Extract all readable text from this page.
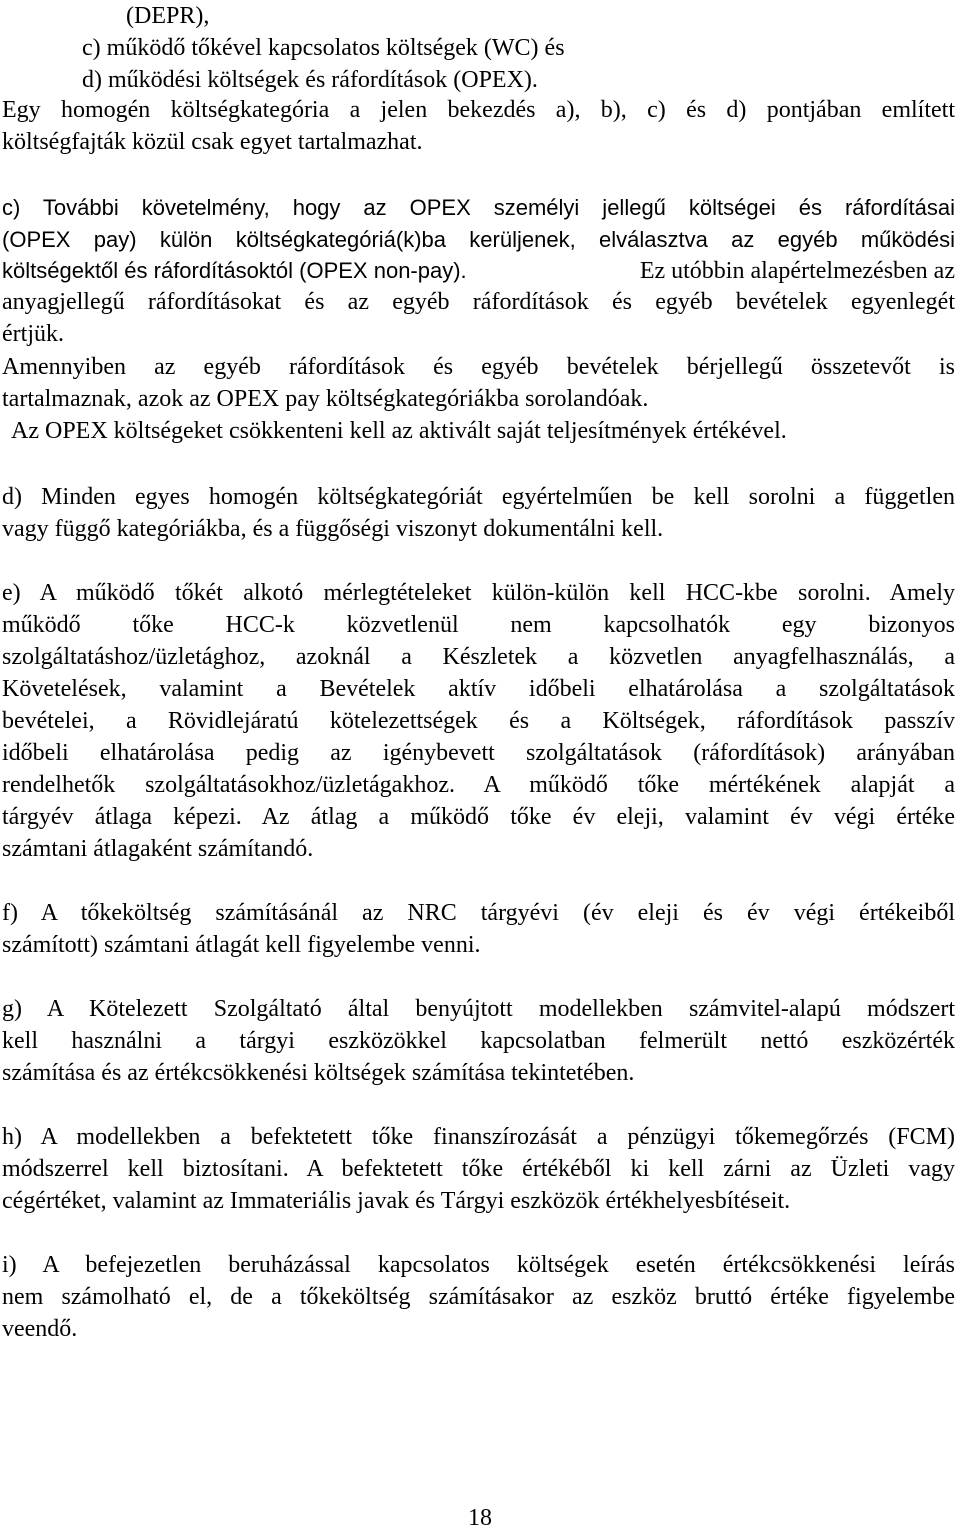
(DEPR),
c) működő tőkével kapcsolatos költségek (WC) és
d) működési költségek és ráfordítások (OPEX).
Egy homogén költségkategória a jelen bekezdés a), b), c) és d) pontjában említett
költségfajták közül csak egyet tartalmazhat.
c) További követelmény, hogy az OPEX személyi jellegű költségei és ráfordításai
(OPEX pay) külön költségkategóriá(k)ba kerüljenek, elválasztva az egyéb működési
költségektől és ráfordításoktól (OPEX non-pay).	Ez utóbbin alapértelmezésben az
anyagjellegű ráfordításokat és az egyéb ráfordítások és egyéb bevételek egyenlegét
értjük.
Amennyiben az egyéb ráfordítások és egyéb bevételek bérjellegű összetevőt is
tartalmaznak, azok az OPEX pay költségkategóriákba sorolandóak.
Az OPEX költségeket csökkenteni kell az aktivált saját teljesítmények értékével.
d) Minden egyes homogén költségkategóriát egyértelműen be kell sorolni a független
vagy függő kategóriákba, és a függőségi viszonyt dokumentálni kell.
e) A működő tőkét alkotó mérlegtételeket külön-külön kell HCC-kbe sorolni. Amely
működő tőke HCC-k közvetlenül nem kapcsolhatók egy bizonyos
szolgáltatáshoz/üzletághoz, azoknál a Készletek a közvetlen anyagfelhasználás, a
Követelések, valamint a Bevételek aktív időbeli elhatárolása a szolgáltatások
bevételei, a Rövidlejáratú kötelezettségek és a Költségek, ráfordítások passzív
időbeli elhatárolása pedig az igénybevett szolgáltatások (ráfordítások) arányában
rendelhetők szolgáltatásokhoz/üzletágakhoz. A működő tőke mértékének alapját a
tárgyév átlaga képezi. Az átlag a működő tőke év eleji, valamint év végi értéke
számtani átlagaként számítandó.
f) A tőkeköltség számításánál az NRC tárgyévi (év eleji és év végi értékeiből
számított) számtani átlagát kell figyelembe venni.
g) A Kötelezett Szolgáltató által benyújtott modellekben számvitel-alapú módszert
kell használni a tárgyi eszközökkel kapcsolatban felmerült nettó eszközérték
számítása és az értékcsökkenési költségek számítása tekintetében.
h) A modellekben a befektetett tőke finanszírozását a pénzügyi tőkemegőrzés (FCM)
módszerrel kell biztosítani. A befektetett tőke értékéből ki kell zárni az Üzleti vagy
cégértéket, valamint az Immateriális javak és Tárgyi eszközök értékhelyesbítéseit.
i) A befejezetlen beruházással kapcsolatos költségek esetén értékcsökkenési leírás
nem számolható el, de a tőkeköltség számításakor az eszköz bruttó értéke figyelembe
veendő.
18
